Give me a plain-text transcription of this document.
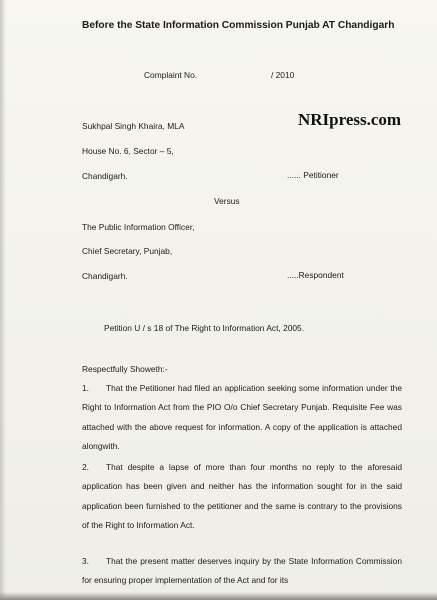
Before the State Information Commission Punjab AT Chandigarh
Complaint No.	/ 2010
NRIpress.com
Sukhpal Singh Khaira, MLA
House No. 6, Sector – 5,
Chandigarh.	...... Petitioner
Versus
The Public Information Officer,
Chief Secretary, Punjab,
Chandigarh.	.....Respondent
Petition U / s 18 of The Right to Information Act, 2005.
Respectfully Showeth:-
1.	That the Petitioner had filed an application seeking some information under the Right to Information Act from the PIO O/o Chief Secretary Punjab. Requisite Fee was attached with the above request for information. A copy of the application is attached alongwith.
2.	That despite a lapse of more than four months no reply to the aforesaid application has been given and neither has the information sought for in the said application been furnished to the petitioner and the same is contrary to the provisions of the Right to Information Act.
3.	That the present matter deserves inquiry by the State Information Commission for ensuring proper implementation of the Act and for its
